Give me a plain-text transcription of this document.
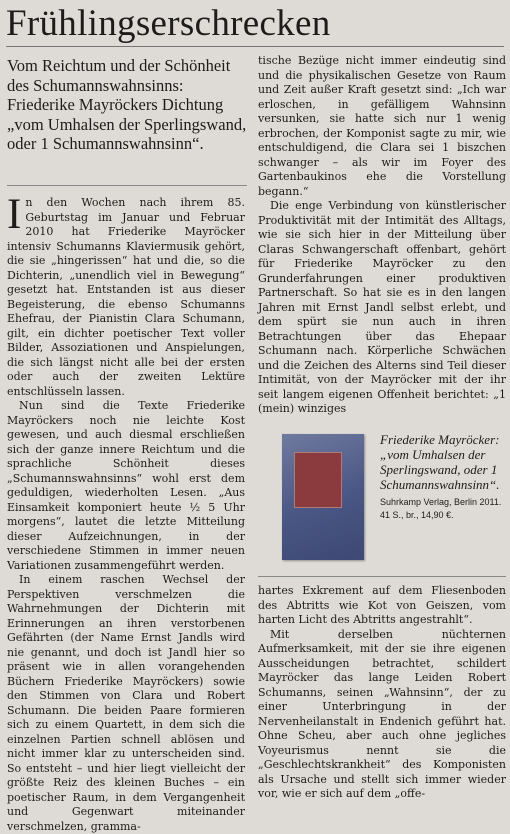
Frühlingserschrecken

Vom Reichtum und der Schönheit des Schumannswahnsinns: Friederike Mayröckers Dichtung „vom Umhalsen der Sperlingswand, oder 1 Schumannswahnsinn“.

In den Wochen nach ihrem 85. Geburtstag im Januar und Februar 2010 hat Friederike Mayröcker intensiv Schumanns Klaviermusik gehört, die sie „hingerissen“ hat und die, so die Dichterin, „unendlich viel in Bewegung“ gesetzt hat. Entstanden ist aus dieser Begeisterung, die ebenso Schumanns Ehefrau, der Pianistin Clara Schumann, gilt, ein dichter poetischer Text voller Bilder, Assoziationen und Anspielungen, die sich längst nicht alle bei der ersten oder auch der zweiten Lektüre entschlüsseln lassen.

Nun sind die Texte Friederike Mayröckers noch nie leichte Kost gewesen, und auch diesmal erschließen sich der ganze innere Reichtum und die sprachliche Schönheit dieses „Schumannswahnsinns“ wohl erst dem geduldigen, wiederholten Lesen. „Aus Einsamkeit komponiert heute ½ 5 Uhr morgens“, lautet die letzte Mitteilung dieser Aufzeichnungen, in der verschiedene Stimmen in immer neuen Variationen zusammengeführt werden.

In einem raschen Wechsel der Perspektiven verschmelzen die Wahrnehmungen der Dichterin mit Erinnerungen an ihren verstorbenen Gefährten (der Name Ernst Jandls wird nie genannt, und doch ist Jandl hier so präsent wie in allen vorangehenden Büchern Friederike Mayröckers) sowie den Stimmen von Clara und Robert Schumann. Die beiden Paare formieren sich zu einem Quartett, in dem sich die einzelnen Partien schnell ablösen und nicht immer klar zu unterscheiden sind. So entsteht – und hier liegt vielleicht der größte Reiz des kleinen Buches – ein poetischer Raum, in dem Vergangenheit und Gegenwart miteinander verschmelzen, gramma-

tische Bezüge nicht immer eindeutig sind und die physikalischen Gesetze von Raum und Zeit außer Kraft gesetzt sind: „Ich war erloschen, in gefälligem Wahnsinn versunken, sie hatte sich nur 1 wenig erbrochen, der Komponist sagte zu mir, wie entschuldigend, die Clara sei 1 biszchen schwanger – als wir im Foyer des Gartenbaukinos ehe die Vorstellung begann.“

Die enge Verbindung von künstlerischer Produktivität mit der Intimität des Alltags, wie sie sich hier in der Mitteilung über Claras Schwangerschaft offenbart, gehört für Friederike Mayröcker zu den Grunderfahrungen einer produktiven Partnerschaft. So hat sie es in den langen Jahren mit Ernst Jandl selbst erlebt, und dem spürt sie nun auch in ihren Betrachtungen über das Ehepaar Schumann nach. Körperliche Schwächen und die Zeichen des Alterns sind Teil dieser Intimität, von der Mayröcker mit der ihr seit langem eigenen Offenheit berichtet: „1 (mein) winziges

Friederike Mayröcker: „vom Umhalsen der Sperlingswand, oder 1 Schumannswahnsinn“.

Suhrkamp Verlag, Berlin 2011. 41 S., br., 14,90 €.

hartes Exkrement auf dem Fliesenboden des Abtritts wie Kot von Geiszen, vom harten Licht des Abtritts angestrahlt“.

Mit derselben nüchternen Aufmerksamkeit, mit der sie ihre eigenen Ausscheidungen betrachtet, schildert Mayröcker das lange Leiden Robert Schumanns, seinen „Wahnsinn“, der zu einer Unterbringung in der Nervenheilanstalt in Endenich geführt hat. Ohne Scheu, aber auch ohne jegliches Voyeurismus nennt sie die „Geschlechtskrankheit“ des Komponisten als Ursache und stellt sich immer wieder vor, wie er sich auf dem „offe-
